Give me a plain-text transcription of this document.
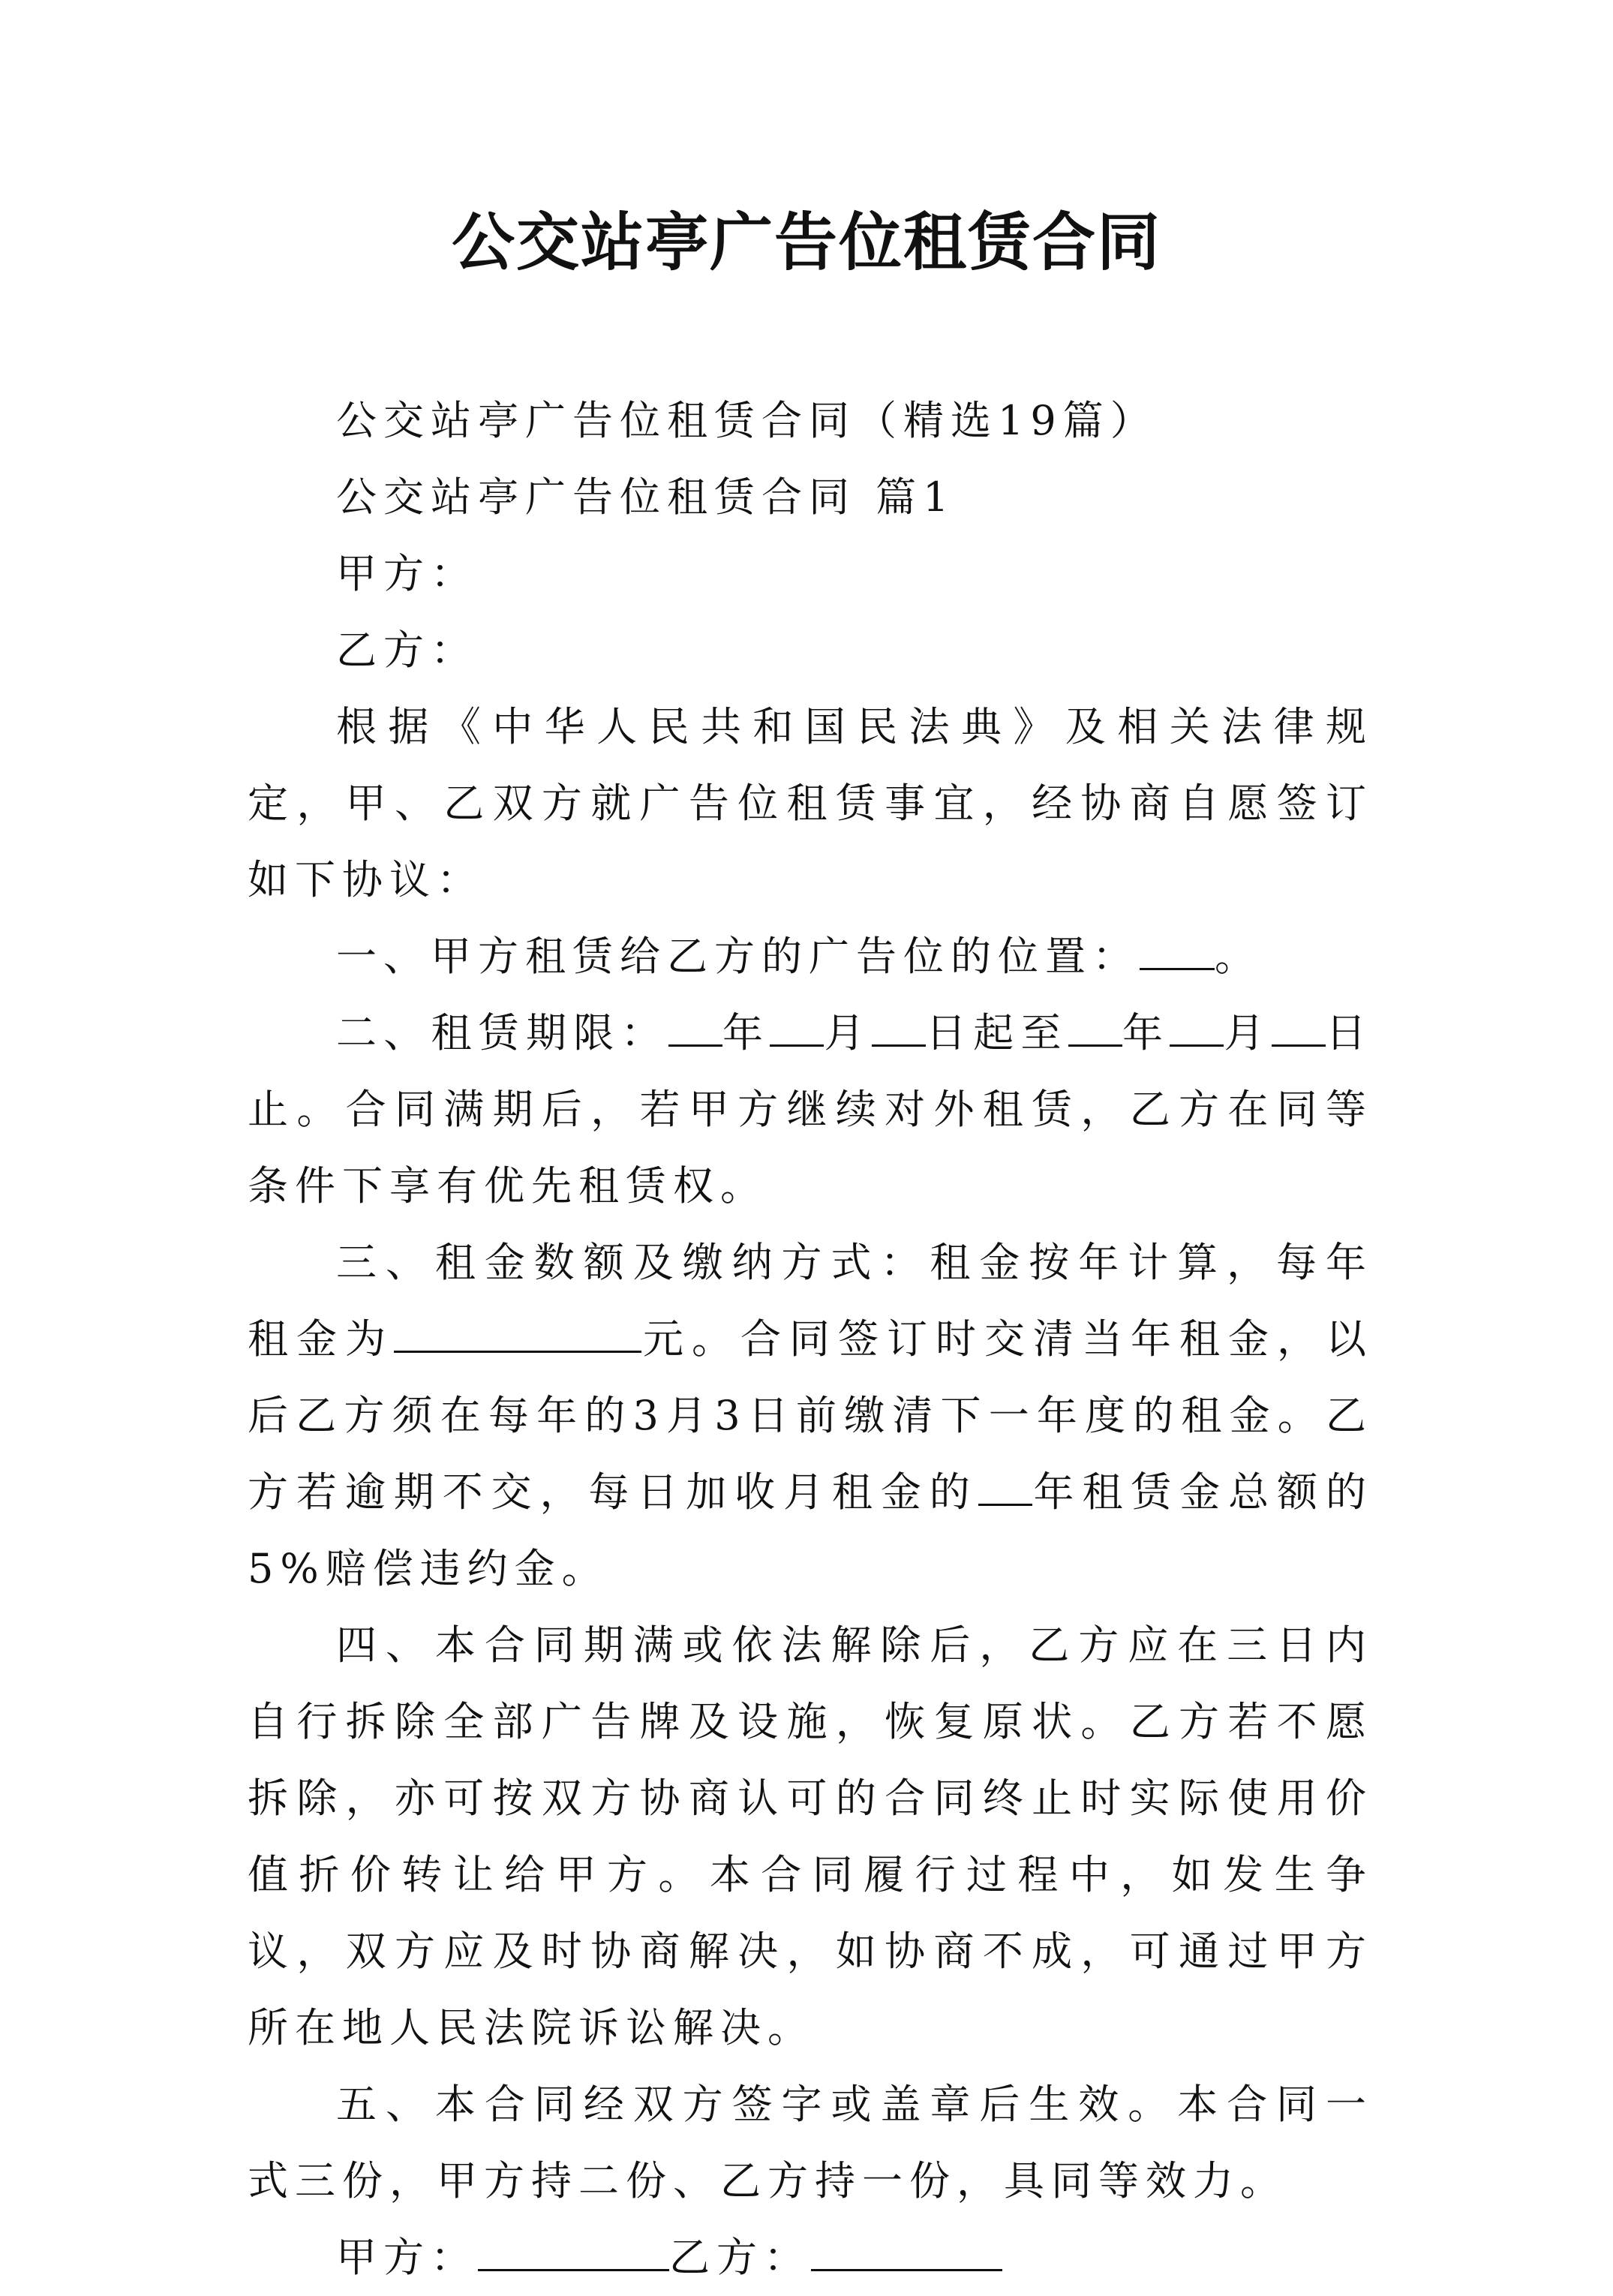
公交站亭广告位租赁合同

公交站亭广告位租赁合同（精选19篇）

公交站亭广告位租赁合同 篇1

甲方：

乙方：

根据《中华人民共和国民法典》及相关法律规定，甲、乙双方就广告位租赁事宜，经协商自愿签订如下协议：

一、甲方租赁给乙方的广告位的位置： 。

二、租赁期限： 年 月 日起至 年 月 日止。合同满期后，若甲方继续对外租赁，乙方在同等条件下享有优先租赁权。

三、租金数额及缴纳方式：租金按年计算，每年租金为	元。合同签订时交清当年租金，以后乙方须在每年的3月3日前缴清下一年度的租金。乙方若逾期不交，每日加收月租金的 年租赁金总额的5%赔偿违约金。

四、本合同期满或依法解除后，乙方应在三日内自行拆除全部广告牌及设施，恢复原状。乙方若不愿拆除，亦可按双方协商认可的合同终止时实际使用价值折价转让给甲方。本合同履行过程中，如发生争议，双方应及时协商解决，如协商不成，可通过甲方所在地人民法院诉讼解决。

五、本合同经双方签字或盖章后生效。本合同一式三份，甲方持二份、乙方持一份，具同等效力。

甲方：	乙方：
